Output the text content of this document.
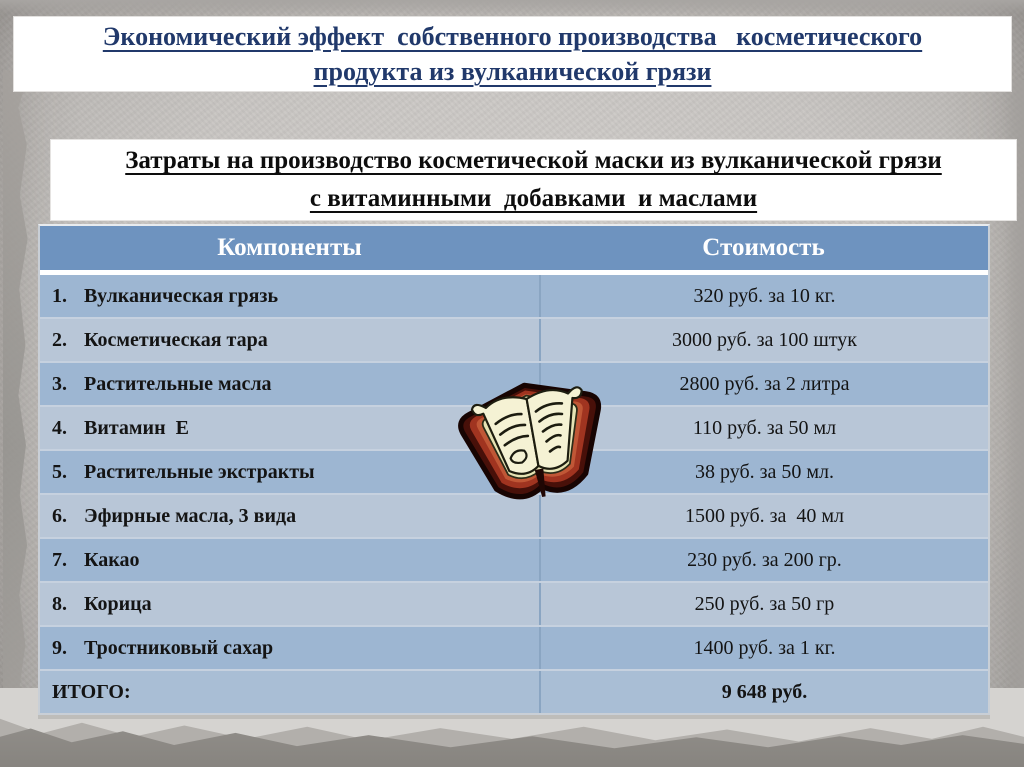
Экономический эффект  собственного производства   косметического
продукта из вулканической грязи
Затраты на производство косметической маски из вулканической грязи
с витаминными  добавками  и маслами
Компоненты	Стоимость
1. Вулканическая грязь	320 руб. за 10 кг.
2. Косметическая тара	3000 руб. за 100 штук
3. Растительные масла	2800 руб. за 2 литра
4. Витамин  Е	110 руб. за 50 мл
5. Растительные экстракты	38 руб. за 50 мл.
6. Эфирные масла, 3 вида	1500 руб. за  40 мл
7. Какао	230 руб. за 200 гр.
8. Корица	250 руб. за 50 гр
9. Тростниковый сахар	1400 руб. за 1 кг.
ИТОГО:	9 648 руб.
